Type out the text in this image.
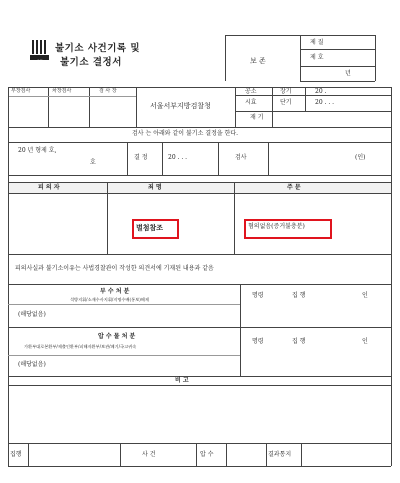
검찰
불기소 사건기록 및
불기소 결정서	보 존
제 질
제 호
년
부장검사	차장검사	검 사 장
서울서부지방검찰청
공소
시효
장기	20 .
단기	20 . . .
재 기
검사 는 아래와 같이 불기소 결정을 한다.
20 년 형제 호,
호
결 정	20 . . .	검사	(인)
피 의 자	죄 명	주 문
별첨참조	혐의없음(증거불충분)
피의사실과 불기소이유는 사법경찰관이 작성한 의견서에 기재된 내용과 같음
부 수 처 분
석방지휘/소재수사지휘/지명수배(통보)해제
(해당없음)
명령	집 행	인
압 수 물 처 분
가환부대로본환부/제출인환부/피해자환부/보관/폐기/국고귀속
(해당없음)
명령	집 행	인
비 고
집행	사 건	압 수	결과통지
